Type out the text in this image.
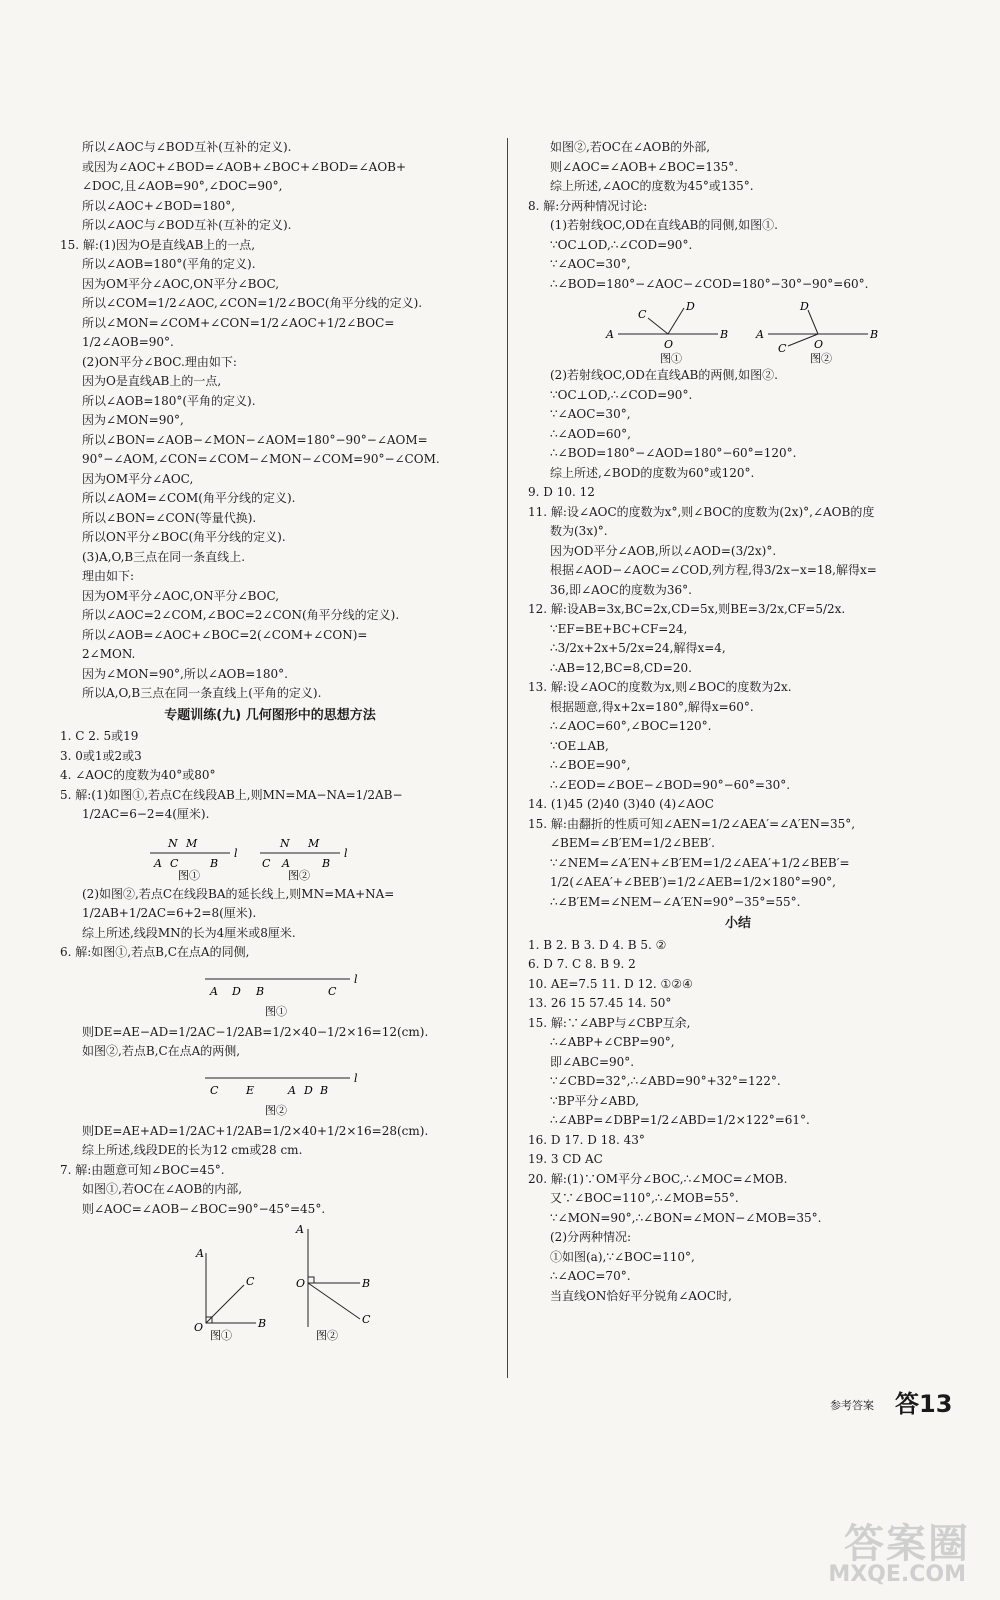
所以∠AOC与∠BOD互补(互补的定义).
或因为∠AOC+∠BOD=∠AOB+∠BOC+∠BOD=∠AOB+
∠DOC,且∠AOB=90°,∠DOC=90°,
所以∠AOC+∠BOD=180°,
所以∠AOC与∠BOD互补(互补的定义).
15. 解:(1)因为O是直线AB上的一点,
所以∠AOB=180°(平角的定义).
因为OM平分∠AOC,ON平分∠BOC,
所以∠COM=1/2∠AOC,∠CON=1/2∠BOC(角平分线的定义).
所以∠MON=∠COM+∠CON=1/2∠AOC+1/2∠BOC=
1/2∠AOB=90°.
(2)ON平分∠BOC.理由如下:
因为O是直线AB上的一点,
所以∠AOB=180°(平角的定义).
因为∠MON=90°,
所以∠BON=∠AOB−∠MON−∠AOM=180°−90°−∠AOM=
90°−∠AOM,∠CON=∠COM−∠MON−∠COM=90°−∠COM.
因为OM平分∠AOC,
所以∠AOM=∠COM(角平分线的定义).
所以∠BON=∠CON(等量代换).
所以ON平分∠BOC(角平分线的定义).
(3)A,O,B三点在同一条直线上.
理由如下:
因为OM平分∠AOC,ON平分∠BOC,
所以∠AOC=2∠COM,∠BOC=2∠CON(角平分线的定义).
所以∠AOB=∠AOC+∠BOC=2(∠COM+∠CON)=
2∠MON.
因为∠MON=90°,所以∠AOB=180°.
所以A,O,B三点在同一条直线上(平角的定义).
专题训练(九) 几何图形中的思想方法
1. C 2. 5或19
3. 0或1或2或3
4. ∠AOC的度数为40°或80°
5. 解:(1)如图①,若点C在线段AB上,则MN=MA−NA=1/2AB−
1/2AC=6−2=4(厘米).
N M
A C	B
l
N M
C A	B
l
图①	图②
(2)如图②,若点C在线段BA的延长线上,则MN=MA+NA=
1/2AB+1/2AC=6+2=8(厘米).
综上所述,线段MN的长为4厘米或8厘米.
6. 解:如图①,若点B,C在点A的同侧,
A D B	C
l
图①
则DE=AE−AD=1/2AC−1/2AB=1/2×40−1/2×16=12(cm).
如图②,若点B,C在点A的两侧,
C	E	A D B
l
图②
则DE=AE+AD=1/2AC+1/2AB=1/2×40+1/2×16=28(cm).
综上所述,线段DE的长为12 cm或28 cm.
7. 解:由题意可知∠BOC=45°.
如图①,若OC在∠AOB的内部,
则∠AOC=∠AOB−∠BOC=90°−45°=45°.
A
C
O	B
A
O	B
C
图①	图②
如图②,若OC在∠AOB的外部,
则∠AOC=∠AOB+∠BOC=135°.
综上所述,∠AOC的度数为45°或135°.
8. 解:分两种情况讨论:
(1)若射线OC,OD在直线AB的同侧,如图①.
∵OC⊥OD,∴∠COD=90°.
∵∠AOC=30°,
∴∠BOD=180°−∠AOC−∠COD=180°−30°−90°=60°.
C
D
A
O
B
D
A
O
B
C
图①	图②
(2)若射线OC,OD在直线AB的两侧,如图②.
∵OC⊥OD,∴∠COD=90°.
∵∠AOC=30°,
∴∠AOD=60°,
∴∠BOD=180°−∠AOD=180°−60°=120°.
综上所述,∠BOD的度数为60°或120°.
9. D 10. 12
11. 解:设∠AOC的度数为x°,则∠BOC的度数为(2x)°,∠AOB的度
数为(3x)°.
因为OD平分∠AOB,所以∠AOD=(3/2x)°.
根据∠AOD−∠AOC=∠COD,列方程,得3/2x−x=18,解得x=
36,即∠AOC的度数为36°.
12. 解:设AB=3x,BC=2x,CD=5x,则BE=3/2x,CF=5/2x.
∵EF=BE+BC+CF=24,
∴3/2x+2x+5/2x=24,解得x=4,
∴AB=12,BC=8,CD=20.
13. 解:设∠AOC的度数为x,则∠BOC的度数为2x.
根据题意,得x+2x=180°,解得x=60°.
∴∠AOC=60°,∠BOC=120°.
∵OE⊥AB,
∴∠BOE=90°,
∴∠EOD=∠BOE−∠BOD=90°−60°=30°.
14. (1)45 (2)40 (3)40 (4)∠AOC
15. 解:由翻折的性质可知∠AEN=1/2∠AEA′=∠A′EN=35°,
∠BEM=∠B′EM=1/2∠BEB′.
∵∠NEM=∠A′EN+∠B′EM=1/2∠AEA′+1/2∠BEB′=
1/2(∠AEA′+∠BEB′)=1/2∠AEB=1/2×180°=90°,
∴∠B′EM=∠NEM−∠A′EN=90°−35°=55°.
小结
1. B 2. B 3. D 4. B 5. ②
6. D 7. C 8. B 9. 2
10. AE=7.5 11. D 12. ①②④
13. 26 15 57.45 14. 50°
15. 解:∵∠ABP与∠CBP互余,
∴∠ABP+∠CBP=90°,
即∠ABC=90°.
∵∠CBD=32°,∴∠ABD=90°+32°=122°.
∵BP平分∠ABD,
∴∠ABP=∠DBP=1/2∠ABD=1/2×122°=61°.
16. D 17. D 18. 43°
19. 3 CD AC
20. 解:(1)∵OM平分∠BOC,∴∠MOC=∠MOB.
又∵∠BOC=110°,∴∠MOB=55°.
∵∠MON=90°,∴∠BON=∠MON−∠MOB=35°.
(2)分两种情况:
①如图(a),∵∠BOC=110°,
∴∠AOC=70°.
当直线ON恰好平分锐角∠AOC时,
参考答案 答13
答案圈
MXQE.COM
